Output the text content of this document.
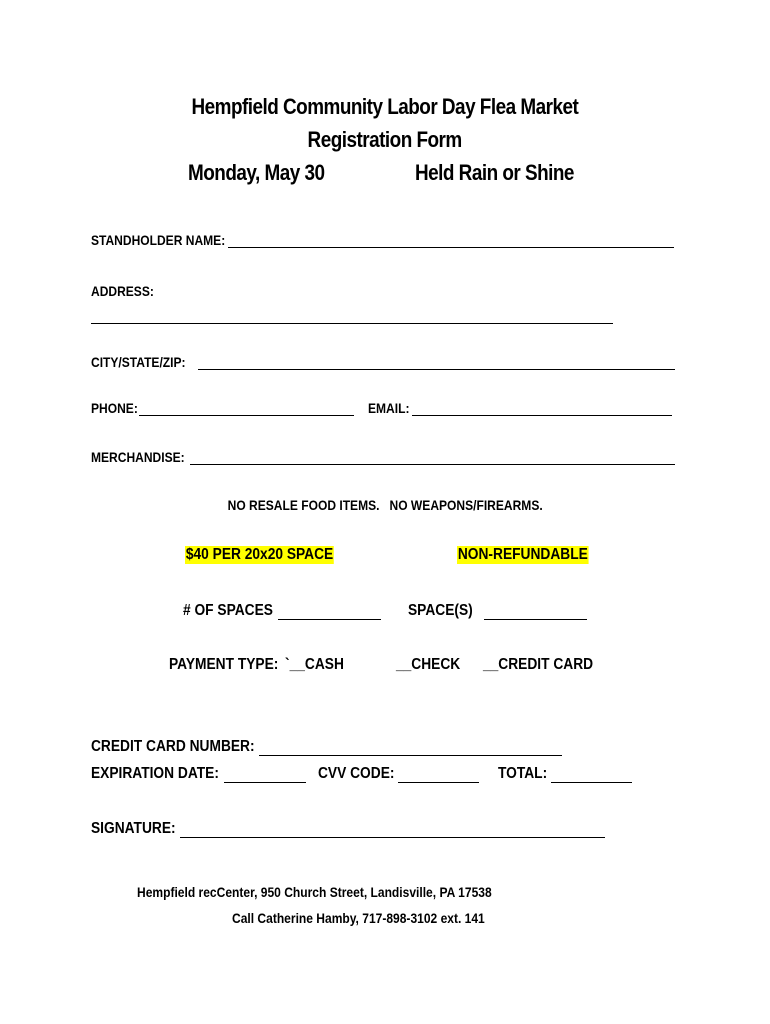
Hempfield Community Labor Day Flea Market
Registration Form
Monday, May 30	Held Rain or Shine
STANDHOLDER NAME:
ADDRESS:
CITY/STATE/ZIP:
PHONE:	EMAIL:
MERCHANDISE:
NO RESALE FOOD ITEMS.   NO WEAPONS/FIREARMS.
$40 PER 20x20 SPACE	NON-REFUNDABLE
# OF SPACES	SPACE(S)
PAYMENT TYPE: `__CASH	__CHECK __CREDIT CARD
CREDIT CARD NUMBER:
EXPIRATION DATE:	CVV CODE:	TOTAL:
SIGNATURE:
Hempfield recCenter, 950 Church Street, Landisville, PA 17538
Call Catherine Hamby, 717-898-3102 ext. 141
